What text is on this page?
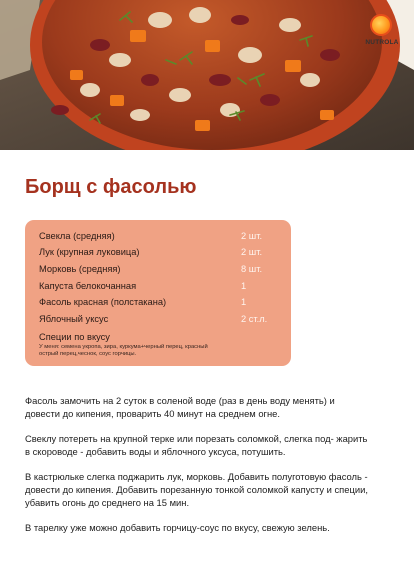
NUTROLA
Борщ с фасолью
Свекла (средняя)	2 шт.
Лук (крупная луковица)	2 шт.
Морковь (средняя)	8 шт.
Капуста белокочанная	1
Фасоль красная (полстакана)	1
Яблочный уксус	2 ст.л.
Специи по вкусу
У меня: семена укропа, зира, куркума+черный перец, красный острый перец,чеснок, соус горчицы.

Фасоль замочить на 2 суток в соленой воде (раз в день воду менять) и довести до кипения, проварить 40 минут на среднем огне.

Свеклу потереть на крупной терке или порезать соломкой, слегка под- жарить в скороводе - добавить воды и яблочного уксуса, потушить.

В кастрюльке слегка поджарить лук, морковь. Добавить полуготовую фасоль - довести до кипения. Добавить порезанную тонкой соломкой капусту и специи, убавить огонь до среднего на 15 мин.

В тарелку уже можно добавить горчицу-соус по вкусу, свежую зелень.
